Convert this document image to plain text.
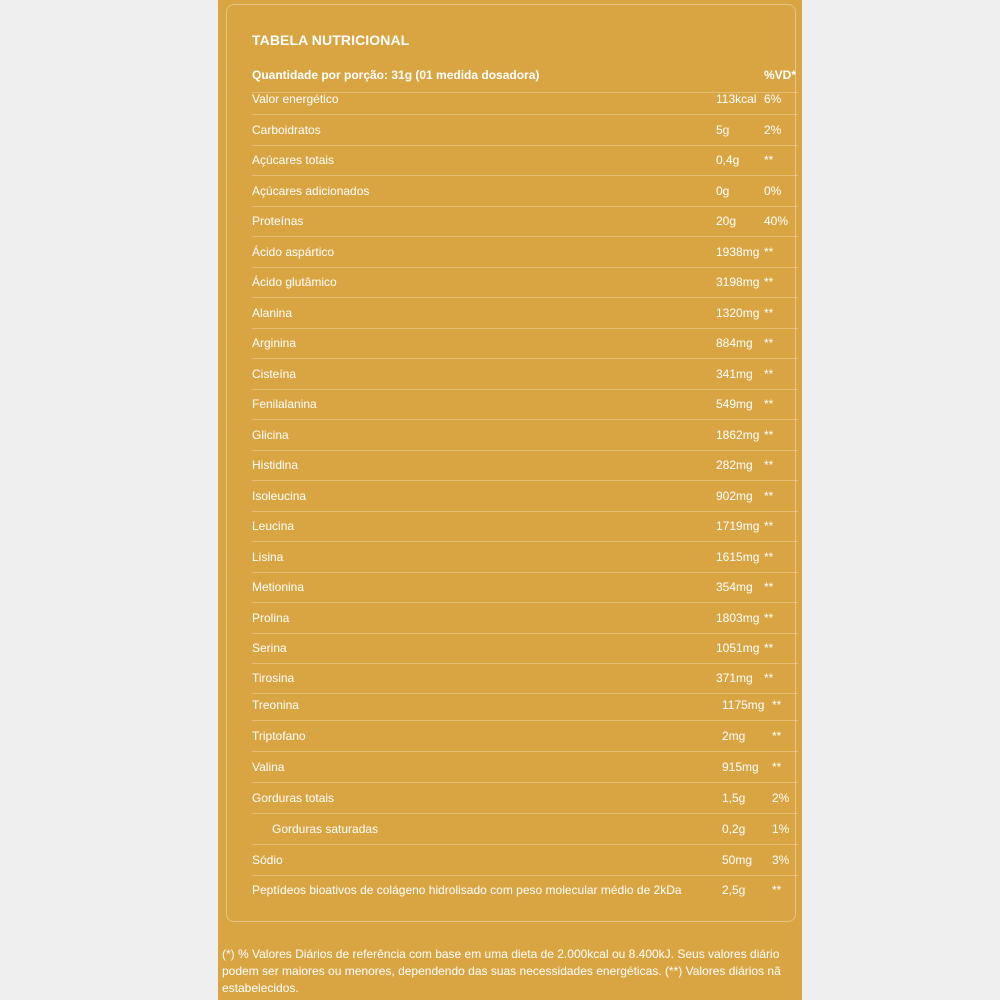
TABELA NUTRICIONAL
Quantidade por porção: 31g (01 medida dosadora)	%VD*
Valor energético	113kcal 6%
Carboidratos	5g	2%
Açúcares totais	0,4g **
Açúcares adicionados	0g	0%
Proteínas	20g 40%
Ácido aspártico	1938mg **
Ácido glutâmico	3198mg **
Alanina	1320mg **
Arginina	884mg **
Cisteína	341mg **
Fenilalanina	549mg **
Glicina	1862mg **
Histidina	282mg **
Isoleucina	902mg **
Leucina	1719mg **
Lisina	1615mg **
Metionina	354mg **
Prolina	1803mg **
Serina	1051mg **
Tirosina	371mg **
Treonina	1175mg **
Triptofano	2mg **
Valina	915mg **
Gorduras totais	1,5g 2%
Gorduras saturadas	0,2g 1%
Sódio	50mg 3%
Peptídeos bioativos de colágeno hidrolisado com peso molecular médio de 2kDa	2,5g **
(*) % Valores Diários de referência com base em uma dieta de 2.000kcal ou 8.400kJ. Seus valores diário podem ser maiores ou menores, dependendo das suas necessidades energéticas. (**) Valores diários nã estabelecidos.
